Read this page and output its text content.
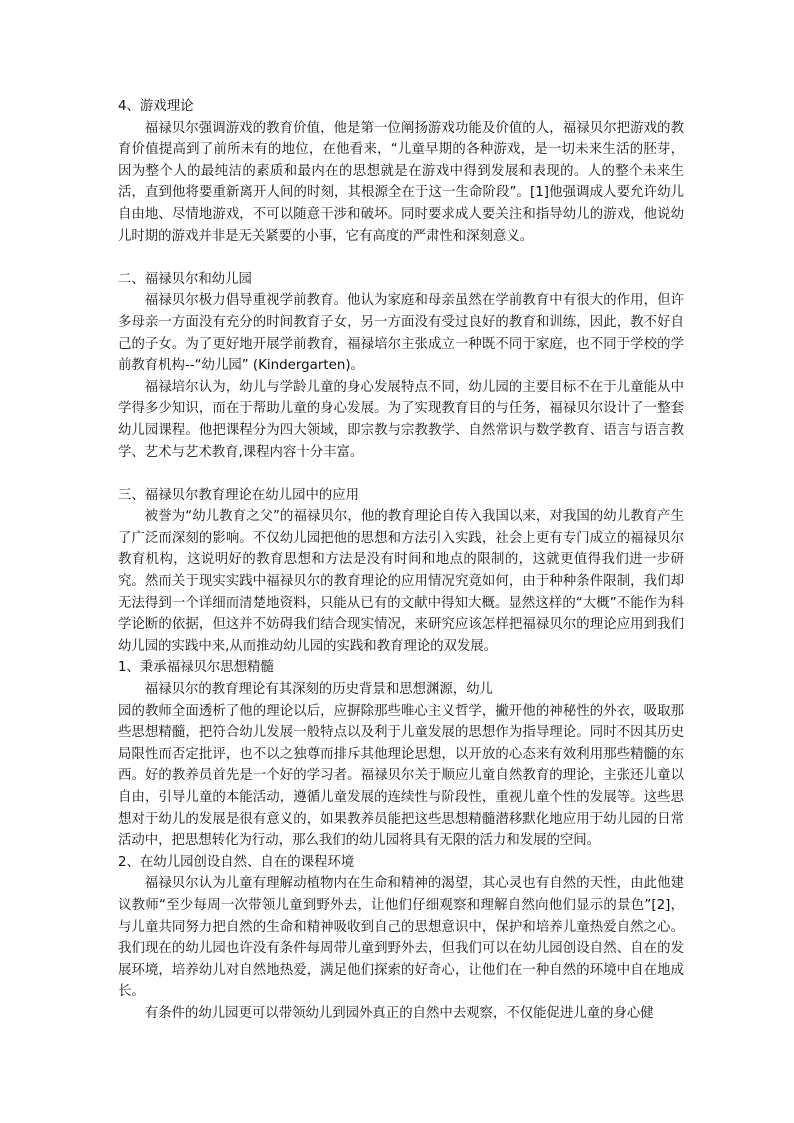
4、游戏理论

福禄贝尔强调游戏的教育价值，他是第一位阐扬游戏功能及价值的人，福禄贝尔把游戏的教育价值提高到了前所未有的地位，在他看来，“儿童早期的各种游戏，是一切未来生活的胚芽，因为整个人的最纯洁的素质和最内在的思想就是在游戏中得到发展和表现的。人的整个未来生活，直到他将要重新离开人间的时刻，其根源全在于这一生命阶段”。[1]他强调成人要允许幼儿自由地、尽情地游戏，不可以随意干涉和破坏。同时要求成人要关注和指导幼儿的游戏，他说幼儿时期的游戏并非是无关紧要的小事，它有高度的严肃性和深刻意义。

二、福禄贝尔和幼儿园

福禄贝尔极力倡导重视学前教育。他认为家庭和母亲虽然在学前教育中有很大的作用，但许多母亲一方面没有充分的时间教育子女，另一方面没有受过良好的教育和训练，因此，教不好自己的子女。为了更好地开展学前教育，福禄培尔主张成立一种既不同于家庭，也不同于学校的学前教育机构--“幼儿园” (Kindergarten)。

福禄培尔认为，幼儿与学龄儿童的身心发展特点不同，幼儿园的主要目标不在于儿童能从中学得多少知识，而在于帮助儿童的身心发展。为了实现教育目的与任务，福禄贝尔设计了一整套幼儿园课程。他把课程分为四大领域，即宗教与宗教教学、自然常识与数学教育、语言与语言教学、艺术与艺术教育,课程内容十分丰富。

三、福禄贝尔教育理论在幼儿园中的应用

被誉为“幼儿教育之父”的福禄贝尔，他的教育理论自传入我国以来，对我国的幼儿教育产生了广泛而深刻的影响。不仅幼儿园把他的思想和方法引入实践，社会上更有专门成立的福禄贝尔教育机构，这说明好的教育思想和方法是没有时间和地点的限制的，这就更值得我们进一步研究。然而关于现实实践中福禄贝尔的教育理论的应用情况究竟如何，由于种种条件限制，我们却无法得到一个详细而清楚地资料，只能从已有的文献中得知大概。显然这样的“大概”不能作为科学论断的依据，但这并不妨碍我们结合现实情况，来研究应该怎样把福禄贝尔的理论应用到我们幼儿园的实践中来,从而推动幼儿园的实践和教育理论的双发展。

1、秉承福禄贝尔思想精髓

福禄贝尔的教育理论有其深刻的历史背景和思想渊源，幼儿

园的教师全面透析了他的理论以后，应摒除那些唯心主义哲学，撇开他的神秘性的外衣，吸取那些思想精髓，把符合幼儿发展一般特点以及利于儿童发展的思想作为指导理论。同时不因其历史局限性而否定批评，也不以之独尊而排斥其他理论思想，以开放的心态来有效利用那些精髓的东西。好的教养员首先是一个好的学习者。福禄贝尔关于顺应儿童自然教育的理论，主张还儿童以自由，引导儿童的本能活动，遵循儿童发展的连续性与阶段性，重视儿童个性的发展等。这些思想对于幼儿的发展是很有意义的，如果教养员能把这些思想精髓潜移默化地应用于幼儿园的日常活动中，把思想转化为行动，那么我们的幼儿园将具有无限的活力和发展的空间。

2、在幼儿园创设自然、自在的课程环境

福禄贝尔认为儿童有理解动植物内在生命和精神的渴望，其心灵也有自然的天性，由此他建议教师“至少每周一次带领儿童到野外去，让他们仔细观察和理解自然向他们显示的景色”[2]，与儿童共同努力把自然的生命和精神吸收到自己的思想意识中，保护和培养儿童热爱自然之心。我们现在的幼儿园也许没有条件每周带儿童到野外去，但我们可以在幼儿园创设自然、自在的发展环境，培养幼儿对自然地热爱，满足他们探索的好奇心，让他们在一种自然的环境中自在地成长。

有条件的幼儿园更可以带领幼儿到园外真正的自然中去观察，不仅能促进儿童的身心健
